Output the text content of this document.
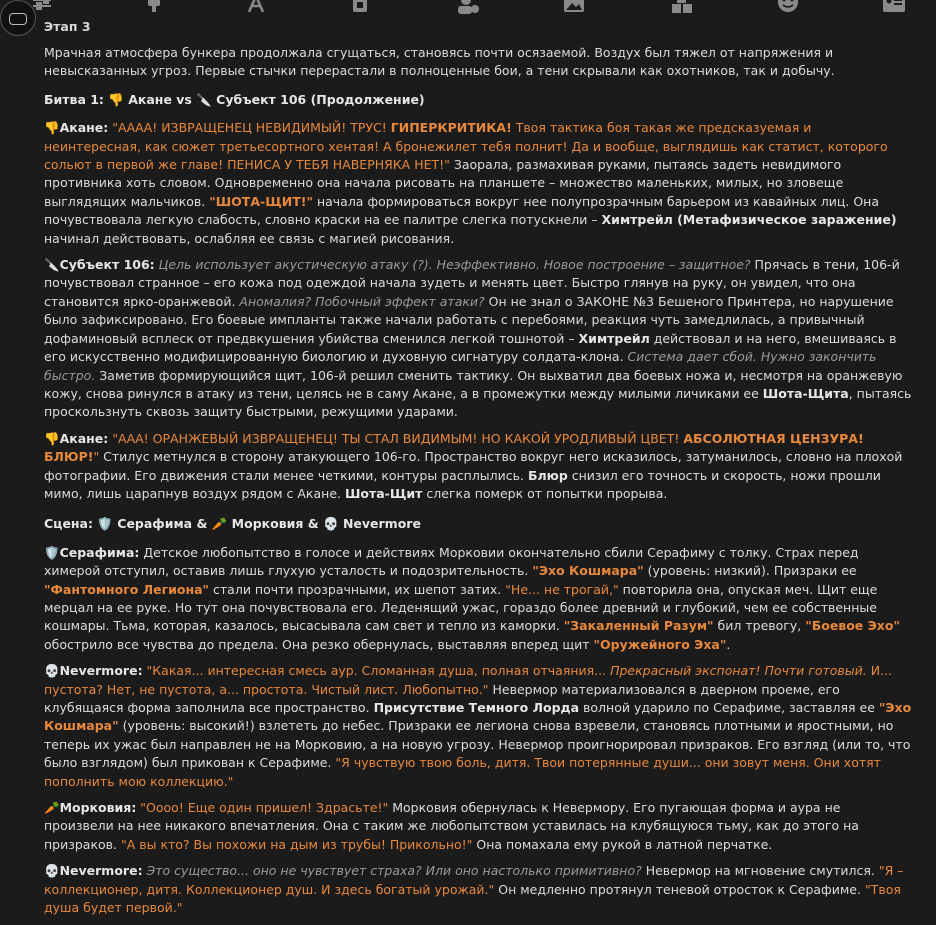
Этап 3

Мрачная атмосфера бункера продолжала сгущаться, становясь почти осязаемой. Воздух был тяжел от напряжения и невысказанных угроз. Первые стычки перерастали в полноценные бои, а тени скрывали как охотников, так и добычу.

Битва 1: 👎 Акане vs 🔪 Субъект 106 (Продолжение)

👎Акане: "АААА! ИЗВРАЩЕНЕЦ НЕВИДИМЫЙ! ТРУС! ГИПЕРКРИТИКА! Твоя тактика боя такая же предсказуемая и неинтересная, как сюжет третьесортного хентая! А бронежилет тебя полнит! Да и вообще, выглядишь как статист, которого сольют в первой же главе! ПЕНИСА У ТЕБЯ НАВЕРНЯКА НЕТ!" Заорала, размахивая руками, пытаясь задеть невидимого противника хоть словом. Одновременно она начала рисовать на планшете – множество маленьких, милых, но зловеще выглядящих мальчиков. "ШОТА-ЩИТ!" начала формироваться вокруг нее полупрозрачным барьером из кавайных лиц. Она почувствовала легкую слабость, словно краски на ее палитре слегка потускнели – Химтрейл (Метафизическое заражение) начинал действовать, ослабляя ее связь с магией рисования.

🔪Субъект 106: Цель использует акустическую атаку (?). Неэффективно. Новое построение – защитное? Прячась в тени, 106-й почувствовал странное – его кожа под одеждой начала зудеть и менять цвет. Быстро глянув на руку, он увидел, что она становится ярко-оранжевой. Аномалия? Побочный эффект атаки? Он не знал о ЗАКОНЕ №3 Бешеного Принтера, но нарушение было зафиксировано. Его боевые импланты также начали работать с перебоями, реакция чуть замедлилась, а привычный дофаминовый всплеск от предвкушения убийства сменился легкой тошнотой – Химтрейл действовал и на него, вмешиваясь в его искусственно модифицированную биологию и духовную сигнатуру солдата-клона. Система дает сбой. Нужно закончить быстро. Заметив формирующийся щит, 106-й решил сменить тактику. Он выхватил два боевых ножа и, несмотря на оранжевую кожу, снова ринулся в атаку из тени, целясь не в саму Акане, а в промежутки между милыми личиками ее Шота-Щита, пытаясь проскользнуть сквозь защиту быстрыми, режущими ударами.

👎Акане: "ААА! ОРАНЖЕВЫЙ ИЗВРАЩЕНЕЦ! ТЫ СТАЛ ВИДИМЫМ! НО КАКОЙ УРОДЛИВЫЙ ЦВЕТ! АБСОЛЮТНАЯ ЦЕНЗУРА! БЛЮР!" Стилус метнулся в сторону атакующего 106-го. Пространство вокруг него исказилось, затуманилось, словно на плохой фотографии. Его движения стали менее четкими, контуры расплылись. Блюр снизил его точность и скорость, ножи прошли мимо, лишь царапнув воздух рядом с Акане. Шота-Щит слегка померк от попытки прорыва.

Сцена: 🛡️ Серафима & 🥕 Морковия & 💀 Nevermore

🛡️Серафима: Детское любопытство в голосе и действиях Морковии окончательно сбили Серафиму с толку. Страх перед химерой отступил, оставив лишь глухую усталость и подозрительность. "Эхо Кошмара" (уровень: низкий). Призраки ее "Фантомного Легиона" стали почти прозрачными, их шепот затих. "Не... не трогай," повторила она, опуская меч. Щит еще мерцал на ее руке. Но тут она почувствовала его. Леденящий ужас, гораздо более древний и глубокий, чем ее собственные кошмары. Тьма, которая, казалось, высасывала сам свет и тепло из каморки. "Закаленный Разум" бил тревогу, "Боевое Эхо" обострило все чувства до предела. Она резко обернулась, выставляя вперед щит "Оружейного Эха".

💀Nevermore: "Какая... интересная смесь аур. Сломанная душа, полная отчаяния... Прекрасный экспонат! Почти готовый. И... пустота? Нет, не пустота, а... простота. Чистый лист. Любопытно." Невермор материализовался в дверном проеме, его клубящаяся форма заполнила все пространство. Присутствие Темного Лорда волной ударило по Серафиме, заставляя ее "Эхо Кошмара" (уровень: высокий!) взлететь до небес. Призраки ее легиона снова взревели, становясь плотными и яростными, но теперь их ужас был направлен не на Морковию, а на новую угрозу. Невермор проигнорировал призраков. Его взгляд (или то, что было взглядом) был прикован к Серафиме. "Я чувствую твою боль, дитя. Твои потерянные души... они зовут меня. Они хотят пополнить мою коллекцию."

🥕Морковия: "Оооо! Еще один пришел! Здрасьте!" Морковия обернулась к Невермору. Его пугающая форма и аура не произвели на нее никакого впечатления. Она с таким же любопытством уставилась на клубящуюся тьму, как до этого на призраков. "А вы кто? Вы похожи на дым из трубы! Прикольно!" Она помахала ему рукой в латной перчатке.

💀Nevermore: Это существо... оно не чувствует страха? Или оно настолько примитивно? Невермор на мгновение смутился. "Я – коллекционер, дитя. Коллекционер душ. И здесь богатый урожай." Он медленно протянул теневой отросток к Серафиме. "Твоя душа будет первой."
